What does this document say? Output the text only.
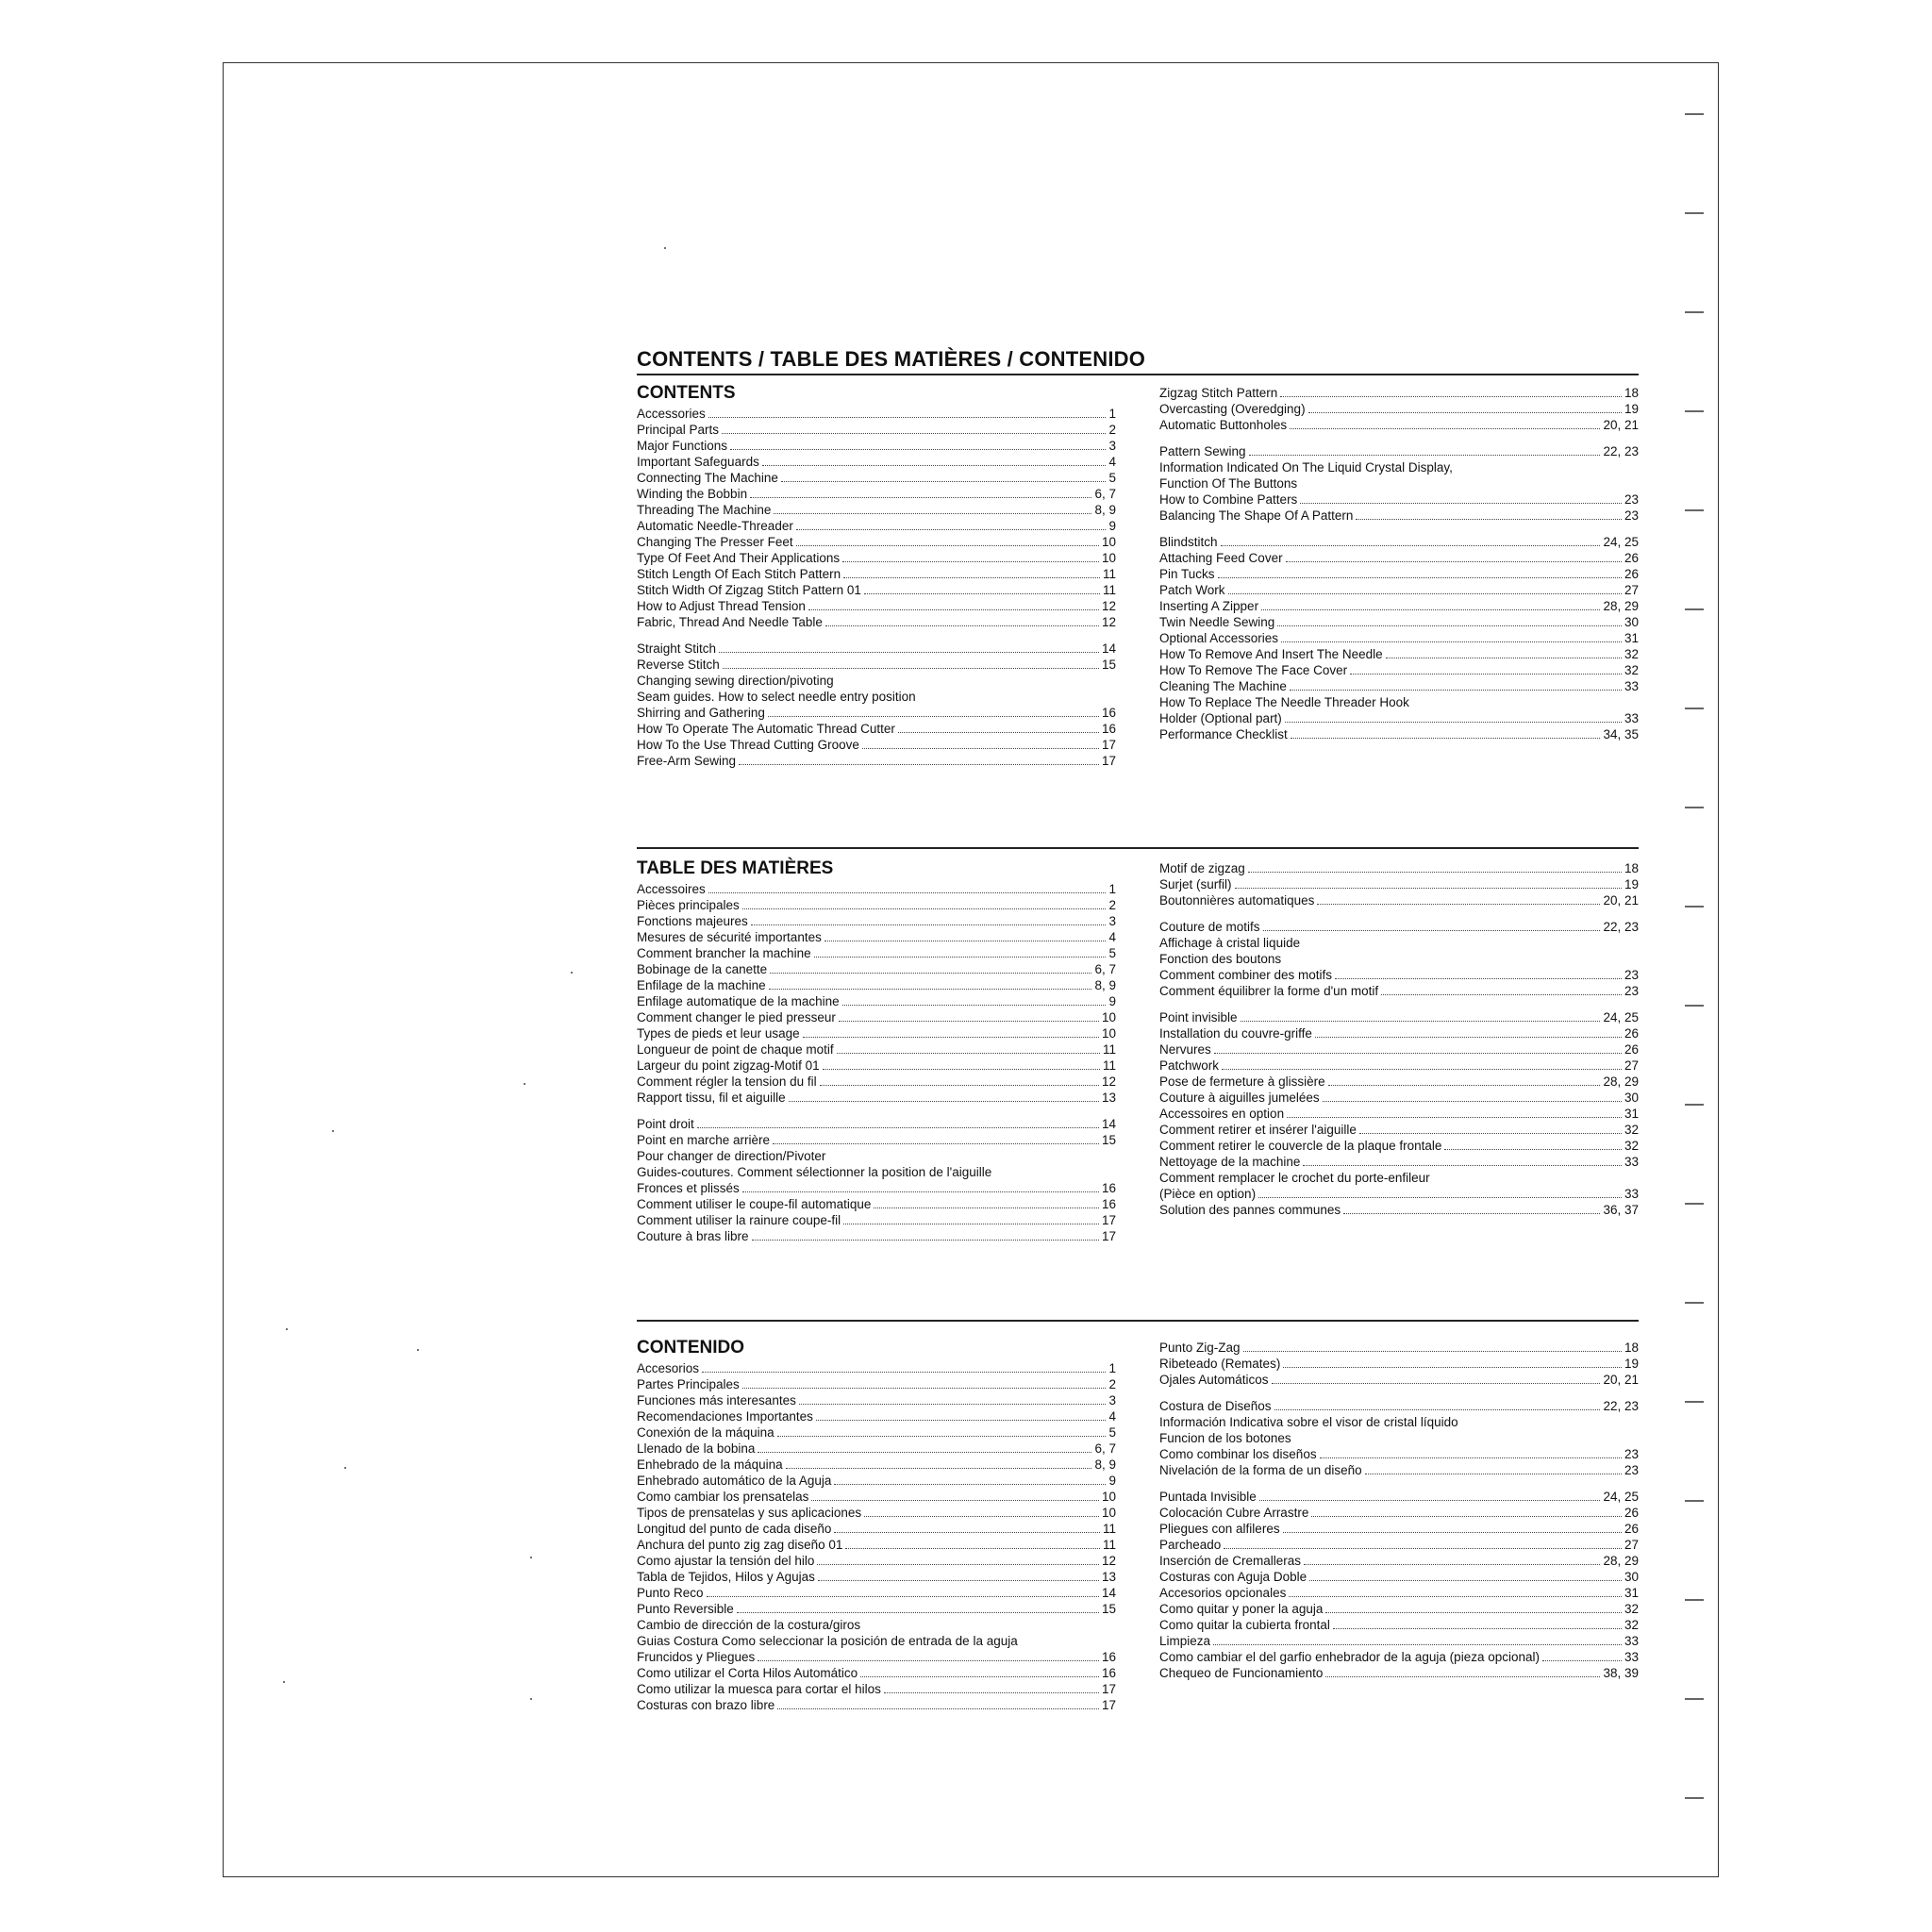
CONTENTS / TABLE DES MATIÈRES / CONTENIDO
CONTENTS
Accessories	1
Principal Parts	2
Major Functions	3
Important Safeguards	4
Connecting The Machine	5
Winding the Bobbin	6, 7
Threading The Machine	8, 9
Automatic Needle-Threader	9
Changing The Presser Feet	10
Type Of Feet And Their Applications	10
Stitch Length Of Each Stitch Pattern	11
Stitch Width Of Zigzag Stitch Pattern 01	11
How to Adjust Thread Tension	12
Fabric, Thread And Needle Table	12
Straight Stitch	14
Reverse Stitch	15
Changing sewing direction/pivoting
Seam guides. How to select needle entry position
Shirring and Gathering	16
How To Operate The Automatic Thread Cutter	16
How To the Use Thread Cutting Groove	17
Free-Arm Sewing	17
Zigzag Stitch Pattern	18
Overcasting (Overedging)	19
Automatic Buttonholes	20, 21
Pattern Sewing	22, 23
Information Indicated On The Liquid Crystal Display,
Function Of The Buttons
How to Combine Patters	23
Balancing The Shape Of A Pattern	23
Blindstitch	24, 25
Attaching Feed Cover	26
Pin Tucks	26
Patch Work	27
Inserting A Zipper	28, 29
Twin Needle Sewing	30
Optional Accessories	31
How To Remove And Insert The Needle	32
How To Remove The Face Cover	32
Cleaning The Machine	33
How To Replace The Needle Threader Hook
Holder (Optional part)	33
Performance Checklist	34, 35
TABLE DES MATIÈRES
Accessoires	1
Pièces principales	2
Fonctions majeures	3
Mesures de sécurité importantes	4
Comment brancher la machine	5
Bobinage de la canette	6, 7
Enfilage de la machine	8, 9
Enfilage automatique de la machine	9
Comment changer le pied presseur	10
Types de pieds et leur usage	10
Longueur de point de chaque motif	11
Largeur du point zigzag-Motif 01	11
Comment régler la tension du fil	12
Rapport tissu, fil et aiguille	13
Point droit	14
Point en marche arrière	15
Pour changer de direction/Pivoter
Guides-coutures. Comment sélectionner la position de l'aiguille
Fronces et plissés	16
Comment utiliser le coupe-fil automatique	16
Comment utiliser la rainure coupe-fil	17
Couture à bras libre	17
Motif de zigzag	18
Surjet (surfil)	19
Boutonnières automatiques	20, 21
Couture de motifs	22, 23
Affichage à cristal liquide
Fonction des boutons
Comment combiner des motifs	23
Comment équilibrer la forme d'un motif	23
Point invisible	24, 25
Installation du couvre-griffe	26
Nervures	26
Patchwork	27
Pose de fermeture à glissière	28, 29
Couture à aiguilles jumelées	30
Accessoires en option	31
Comment retirer et insérer l'aiguille	32
Comment retirer le couvercle de la plaque frontale	32
Nettoyage de la machine	33
Comment remplacer le crochet du porte-enfileur
(Pièce en option)	33
Solution des pannes communes	36, 37
CONTENIDO
Accesorios	1
Partes Principales	2
Funciones más interesantes	3
Recomendaciones Importantes	4
Conexión de la máquina	5
Llenado de la bobina	6, 7
Enhebrado de la máquina	8, 9
Enhebrado automático de la Aguja	9
Como cambiar los prensatelas	10
Tipos de prensatelas y sus aplicaciones	10
Longitud del punto de cada diseño	11
Anchura del punto zig zag diseño 01	11
Como ajustar la tensión del hilo	12
Tabla de Tejidos, Hilos y Agujas	13
Punto Reco	14
Punto Reversible	15
Cambio de dirección de la costura/giros
Guias Costura Como seleccionar la posición de entrada de la aguja
Fruncidos y Pliegues	16
Como utilizar el Corta Hilos Automático	16
Como utilizar la muesca para cortar el hilos	17
Costuras con brazo libre	17
Punto Zig-Zag	18
Ribeteado (Remates)	19
Ojales Automáticos	20, 21
Costura de Diseños	22, 23
Información Indicativa sobre el visor de cristal líquido
Funcion de los botones
Como combinar los diseños	23
Nivelación de la forma de un diseño	23
Puntada Invisible	24, 25
Colocación Cubre Arrastre	26
Pliegues con alfileres	26
Parcheado	27
Inserción de Cremalleras	28, 29
Costuras con Aguja Doble	30
Accesorios opcionales	31
Como quitar y poner la aguja	32
Como quitar la cubierta frontal	32
Limpieza	33
Como cambiar el del garfio enhebrador de la aguja (pieza opcional)	33
Chequeo de Funcionamiento	38, 39
